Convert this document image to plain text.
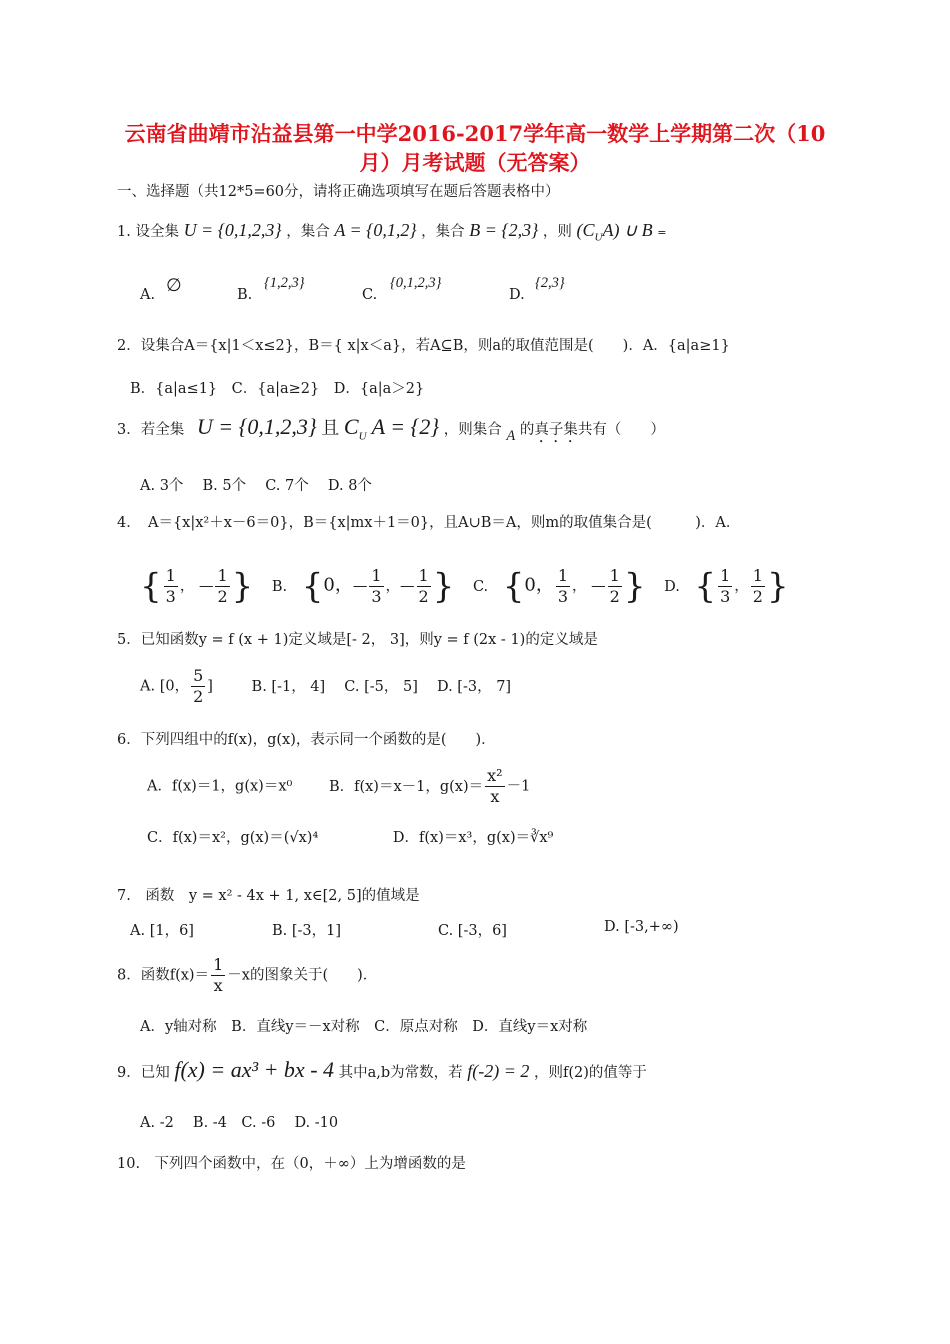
云南省曲靖市沾益县第一中学2016-2017学年高一数学上学期第二次（10
月）月考试题（无答案）
一、选择题（共12*5=60分，请将正确选项填写在题后答题表格中）
1. 设全集 U = {0,1,2,3} ，集合 A = {0,1,2} ，集合 B = {2,3} ，则 $(C_UA)$ ∪ B =
A. ∅	B.
{1,2,3}
C.
{0,1,2,3}
D.
{2,3}
2．设集合A＝{x|1＜x≤2}，B＝{ x|x＜a}，若A⊆B，则a的取值范围是(　　)．A．{a|a≥1}
B．{a|a≤1}　C．{a|a≥2}　D．{a|a＞2}
3．若全集 U = {0,1,2,3} 且 $C_U$ A = {2} ，则集合 A 的真子集共有（　　）
A. 3个　 B. 5个　 C. 7个　 D. 8个
4．　A＝{x|x²＋x－6＝0}，B＝{x|mx＋1＝0}，且A∪B＝A，则m的取值集合是(　　　)．A．
{ $\frac{1}{3}$ ， — $\frac{1}{2}$ } B. {0，— $\frac{1}{3}$ ，— $\frac{1}{2}$ } C. {0， $\frac{1}{3}$ ， — $\frac{1}{2}$ } D. { $\frac{1}{3}$ ， $\frac{1}{2}$ }
5．已知函数y = f (x + 1)定义域是[- 2， 3]，则y = f (2x - 1)的定义域是
A. [0， $\frac{5}{2}$ ]	B. [-1， 4]　 C. [-5， 5]　 D. [-3， 7]
6．下列四组中的f(x)，g(x)，表示同一个函数的是(　　)．
A．f(x)＝1，g(x)＝x⁰	B．f(x)＝x－1，$g(x)= \frac{\text{x²}}{x} -1$
C．f(x)＝x²，g(x)＝(√x)⁴	D．f(x)＝x³，g(x)＝∛x⁹
7.　函数　y = x² - 4x + 1, x∈[2, 5]的值域是
A. [1，6]	B. [-3，1]	C. [-3，6]	D. [-3,+∞)
8．函数$f(x)= \frac{1}{x} -x$的图象关于(　　)．
A．y轴对称　B．直线y＝－x对称　C．原点对称　D．直线y＝x对称
9．已知 f(x) = ax³ + bx - 4 其中a,b为常数，若 f(-2) = 2 ，则f(2)的值等于
A. -2　 B. -4　C. -6　 D. -10
10.　下列四个函数中，在（0，＋∞）上为增函数的是
